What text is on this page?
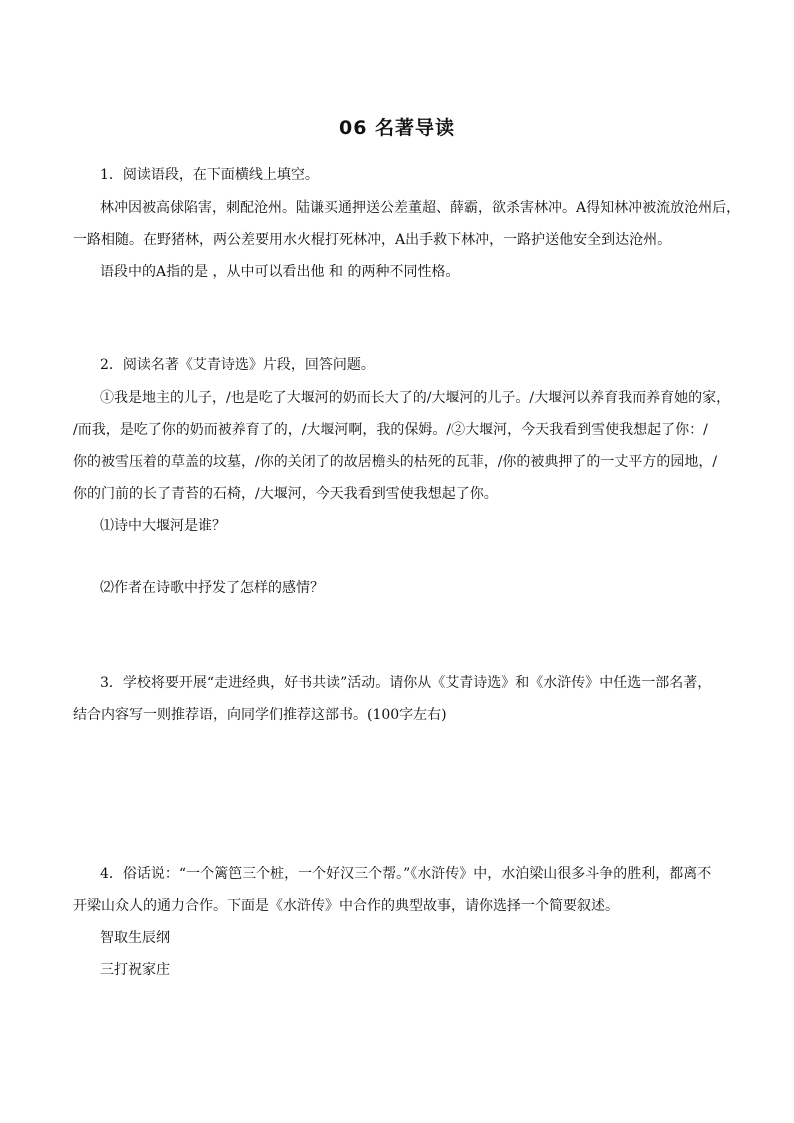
06 名著导读
1．阅读语段，在下面横线上填空。
林冲因被高俅陷害，刺配沧州。陆谦买通押送公差董超、薛霸，欲杀害林冲。A得知林冲被流放沧州后，
一路相随。在野猪林，两公差要用水火棍打死林冲，A出手救下林冲，一路护送他安全到达沧州。
语段中的A指的是 ，从中可以看出他 和 的两种不同性格。
2．阅读名著《艾青诗选》片段，回答问题。
①我是地主的儿子，/也是吃了大堰河的奶而长大了的/大堰河的儿子。/大堰河以养育我而养育她的家，
/而我，是吃了你的奶而被养育了的，/大堰河啊，我的保姆。/②大堰河，今天我看到雪使我想起了你：/
你的被雪压着的草盖的坟墓，/你的关闭了的故居檐头的枯死的瓦菲，/你的被典押了的一丈平方的园地，/
你的门前的长了青苔的石椅，/大堰河，今天我看到雪使我想起了你。
⑴诗中大堰河是谁？
⑵作者在诗歌中抒发了怎样的感情？
3．学校将要开展“走进经典，好书共读”活动。请你从《艾青诗选》和《水浒传》中任选一部名著，
结合内容写一则推荐语，向同学们推荐这部书。(100字左右)
4．俗话说：“一个篱笆三个桩，一个好汉三个帮。”《水浒传》中，水泊梁山很多斗争的胜利，都离不
开梁山众人的通力合作。下面是《水浒传》中合作的典型故事，请你选择一个简要叙述。
智取生辰纲
三打祝家庄
